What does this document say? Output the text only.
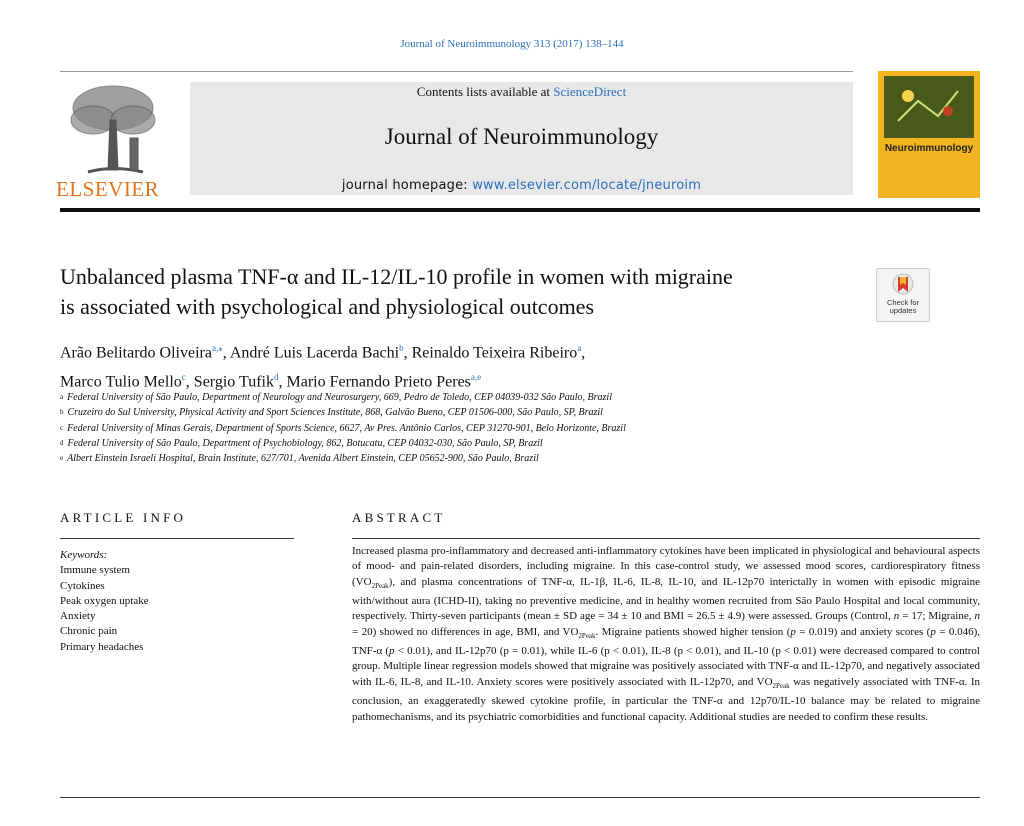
Journal of Neuroimmunology 313 (2017) 138–144
ELSEVIER
Contents lists available at ScienceDirect
Journal of Neuroimmunology
journal homepage: www.elsevier.com/locate/jneuroim
Neuroimmunology
Unbalanced plasma TNF-α and IL-12/IL-10 profile in women with migraine
is associated with psychological and physiological outcomes	Check for updates
Arão Belitardo Oliveira$^{a,⁎}$, André Luis Lacerda Bachi$^b$, Reinaldo Teixeira Ribeiro$^a$,
Marco Tulio Mello$^c$, Sergio Tufik$^d$, Mario Fernando Prieto Peres$^{a,e}$
$^a$ Federal University of São Paulo, Department of Neurology and Neurosurgery, 669, Pedro de Toledo, CEP 04039-032 São Paulo, Brazil
$^b$ Cruzeiro do Sul University, Physical Activity and Sport Sciences Institute, 868, Galvão Bueno, CEP 01506-000, São Paulo, SP, Brazil
$^c$ Federal University of Minas Gerais, Department of Sports Science, 6627, Av Pres. Antônio Carlos, CEP 31270-901, Belo Horizonte, Brazil
$^d$ Federal University of São Paulo, Department of Psychobiology, 862, Botucatu, CEP 04032-030, São Paulo, SP, Brazil
$^e$ Albert Einstein Israeli Hospital, Brain Institute, 627/701, Avenida Albert Einstein, CEP 05652-900, São Paulo, Brazil
ARTICLE INFO	ABSTRACT
Keywords:
Immune system
Cytokines
Peak oxygen uptake
Anxiety
Chronic pain
Primary headaches
Increased plasma pro-inflammatory and decreased anti-inflammatory cytokines have been implicated in physiological and behavioural aspects of mood- and pain-related disorders, including migraine. In this case-control study, we assessed mood scores, cardiorespiratory fitness $(VO_{2Peak})$, and plasma concentrations of TNF-α, IL-1β, IL-6, IL-8, IL-10, and IL-12p70 interictally in women with episodic migraine with/without aura (ICHD-II), taking no preventive medicine, and in healthy women recruited from São Paulo Hospital and local community, respectively. Thirty-seven participants (mean ± SD age = 34 ± 10 and BMI = 26.5 ± 4.9) were assessed. Groups (Control, n = 17; Migraine, n = 20) showed no differences in age, BMI, and $VO_{2Peak}$. Migraine patients showed higher tension (p = 0.019) and anxiety scores (p = 0.046), TNF-α (p < 0.01), and IL-12p70 (p = 0.01), while IL-6 (p < 0.01), IL-8 (p < 0.01), and IL-10 (p < 0.01) were decreased compared to control group. Multiple linear regression models showed that migraine was positively associated with TNF-α and IL-12p70, and negatively associated with IL-6, IL-8, and IL-10. Anxiety scores were positively associated with IL-12p70, and $VO_{2Peak}$ was negatively associated with TNF-α. In conclusion, an exaggeratedly skewed cytokine profile, in particular the TNF-α and 12p70/IL-10 balance may be related to migraine pathomechanisms, and its psychiatric comorbidities and functional capacity. Additional studies are needed to confirm these results.
